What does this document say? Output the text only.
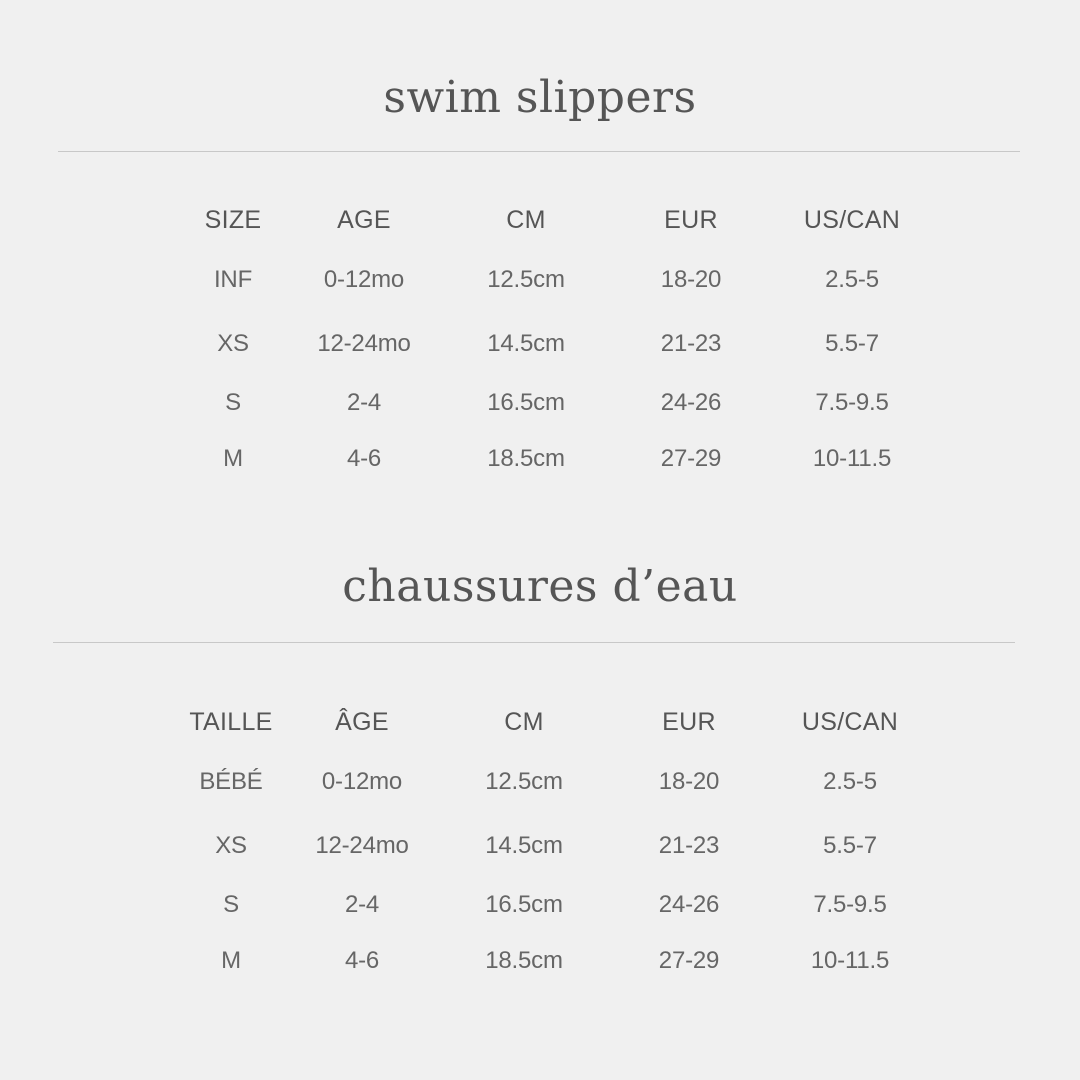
swim slippers
SIZE	AGE	CM	EUR	US/CAN
INF	0-12mo	12.5cm	18-20	2.5-5
XS	12-24mo	14.5cm	21-23	5.5-7
S	2-4	16.5cm	24-26	7.5-9.5
M	4-6	18.5cm	27-29	10-11.5
chaussures d’eau
TAILLE	ÂGE	CM	EUR	US/CAN
BÉBÉ	0-12mo	12.5cm	18-20	2.5-5
XS	12-24mo	14.5cm	21-23	5.5-7
S	2-4	16.5cm	24-26	7.5-9.5
M	4-6	18.5cm	27-29	10-11.5
